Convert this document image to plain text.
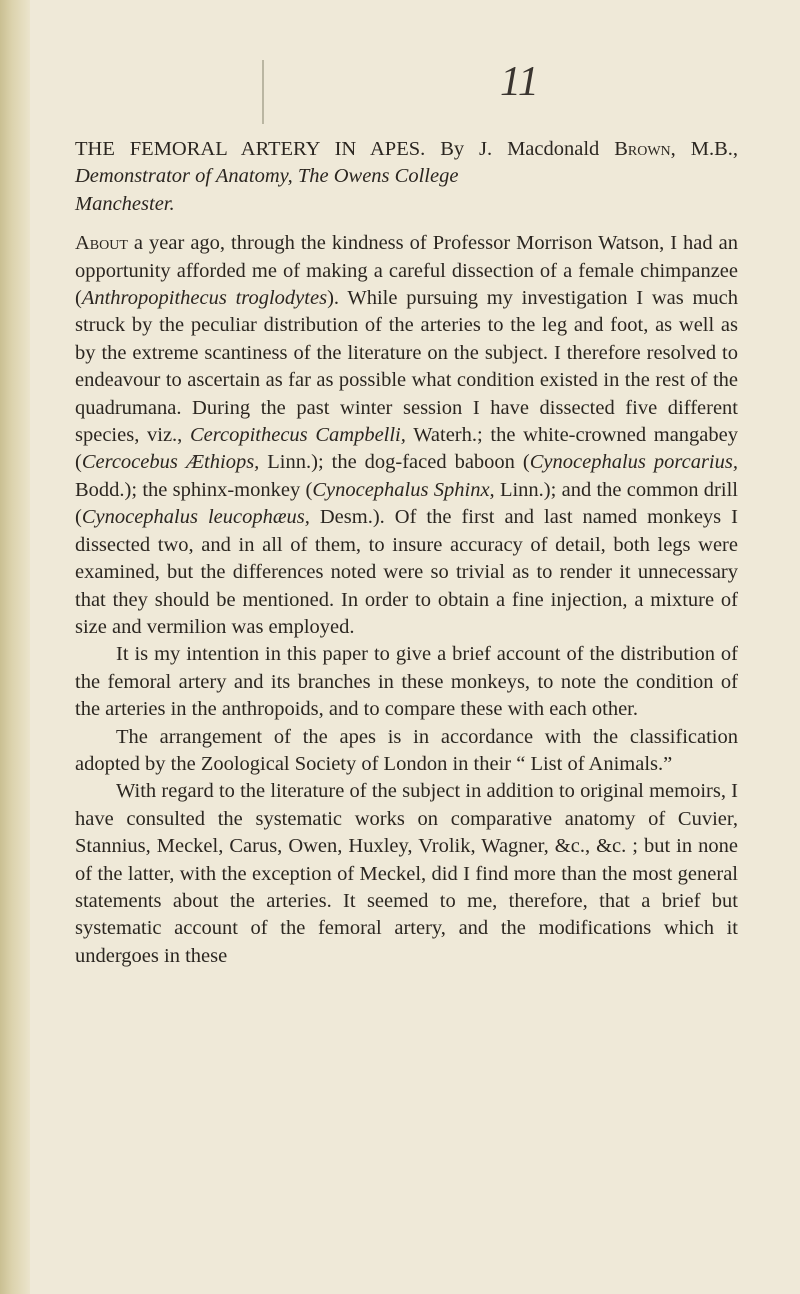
11
THE FEMORAL ARTERY IN APES. By J. Macdonald Brown, M.B., Demonstrator of Anatomy, The Owens College
Manchester.

About a year ago, through the kindness of Professor Morrison Watson, I had an opportunity afforded me of making a careful dissection of a female chimpanzee (Anthropopithecus troglodytes). While pursuing my investigation I was much struck by the peculiar distribution of the arteries to the leg and foot, as well as by the extreme scantiness of the literature on the subject. I therefore resolved to endeavour to ascertain as far as possible what condition existed in the rest of the quadrumana. During the past winter session I have dissected five different species, viz., Cercopithecus Campbelli, Waterh.; the white-crowned mangabey (Cercocebus Æthiops, Linn.); the dog-faced baboon (Cynocephalus porcarius, Bodd.); the sphinx-monkey (Cynocephalus Sphinx, Linn.); and the common drill (Cynocephalus leucophæus, Desm.). Of the first and last named monkeys I dissected two, and in all of them, to insure accuracy of detail, both legs were examined, but the differences noted were so trivial as to render it unnecessary that they should be mentioned. In order to obtain a fine injection, a mixture of size and vermilion was employed.

It is my intention in this paper to give a brief account of the distribution of the femoral artery and its branches in these monkeys, to note the condition of the arteries in the anthropoids, and to compare these with each other.

The arrangement of the apes is in accordance with the classification adopted by the Zoological Society of London in their “ List of Animals.”

With regard to the literature of the subject in addition to original memoirs, I have consulted the systematic works on comparative anatomy of Cuvier, Stannius, Meckel, Carus, Owen, Huxley, Vrolik, Wagner, &c., &c. ; but in none of the latter, with the exception of Meckel, did I find more than the most general statements about the arteries. It seemed to me, therefore, that a brief but systematic account of the femoral artery, and the modifications which it undergoes in these
